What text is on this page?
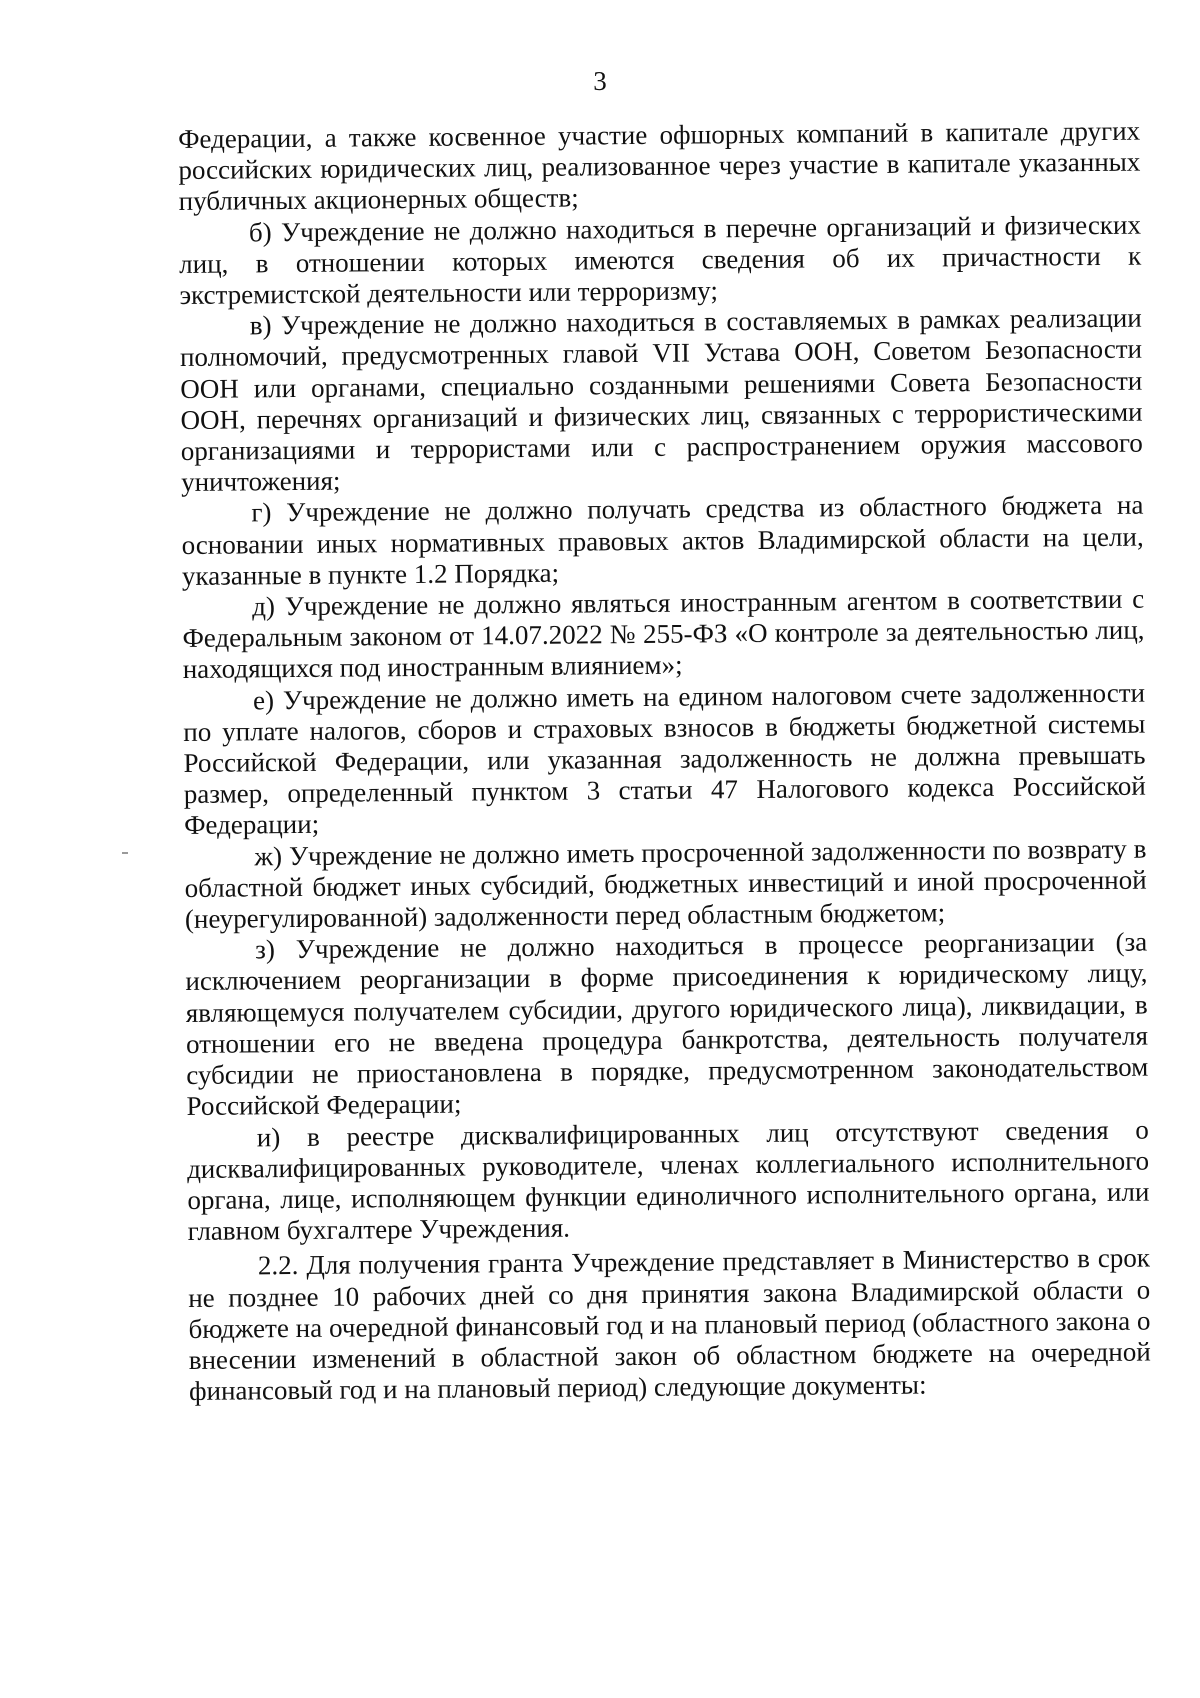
3

Федерации, а также косвенное участие офшорных компаний в капитале других российских юридических лиц, реализованное через участие в капитале указанных публичных акционерных обществ;

б) Учреждение не должно находиться в перечне организаций и физических лиц, в отношении которых имеются сведения об их причастности к экстремистской деятельности или терроризму;

в) Учреждение не должно находиться в составляемых в рамках реализации полномочий, предусмотренных главой VII Устава ООН, Советом Безопасности ООН или органами, специально созданными решениями Совета Безопасности ООН, перечнях организаций и физических лиц, связанных с террористическими организациями и террористами или с распространением оружия массового уничтожения;

г) Учреждение не должно получать средства из областного бюджета на основании иных нормативных правовых актов Владимирской области на цели, указанные в пункте 1.2 Порядка;

д) Учреждение не должно являться иностранным агентом в соответствии с Федеральным законом от 14.07.2022 № 255-ФЗ «О контроле за деятельностью лиц, находящихся под иностранным влиянием»;

е) Учреждение не должно иметь на едином налоговом счете задолженности по уплате налогов, сборов и страховых взносов в бюджеты бюджетной системы Российской Федерации, или указанная задолженность не должна превышать размер, определенный пунктом 3 статьи 47 Налогового кодекса Российской Федерации;

ж) Учреждение не должно иметь просроченной задолженности по возврату в областной бюджет иных субсидий, бюджетных инвестиций и иной просроченной (неурегулированной) задолженности перед областным бюджетом;

з) Учреждение не должно находиться в процессе реорганизации (за исключением реорганизации в форме присоединения к юридическому лицу, являющемуся получателем субсидии, другого юридического лица), ликвидации, в отношении его не введена процедура банкротства, деятельность получателя субсидии не приостановлена в порядке, предусмотренном законодательством Российской Федерации;

и) в реестре дисквалифицированных лиц отсутствуют сведения о дисквалифицированных руководителе, членах коллегиального исполнительного органа, лице, исполняющем функции единоличного исполнительного органа, или главном бухгалтере Учреждения.

2.2. Для получения гранта Учреждение представляет в Министерство в срок не позднее 10 рабочих дней со дня принятия закона Владимирской области о бюджете на очередной финансовый год и на плановый период (областного закона о внесении изменений в областной закон об областном бюджете на очередной финансовый год и на плановый период) следующие документы:
